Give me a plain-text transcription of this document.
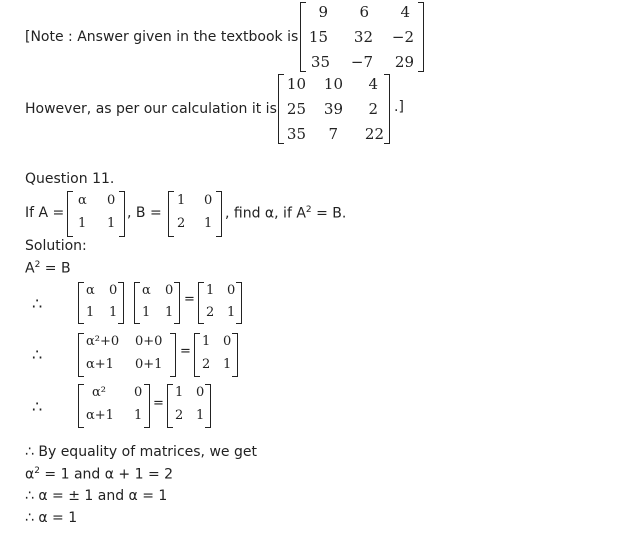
[Note : Answer given in the textbook is
9 6 4
15 32 −2
35 −7 29
However, as per our calculation it is
10 10 4
25 39 2
35 7 22
.]
Question 11.
If A =
α 0
1 1
, B =
1 0
2 1
, find α, if $A^2 = B$.
Solution:
$A^2 = B$
∴
α 0
1 1
α 0
1 1
=
1 0
2 1
∴
α²+0 0+0
α+1 0+1
=
1 0
2 1
∴
α² 0
α+1 1
=
1 0
2 1
∴ By equality of matrices, we get
$\alpha^2 = 1$ and α + 1 = 2
∴ α = ± 1 and α = 1
∴ α = 1
